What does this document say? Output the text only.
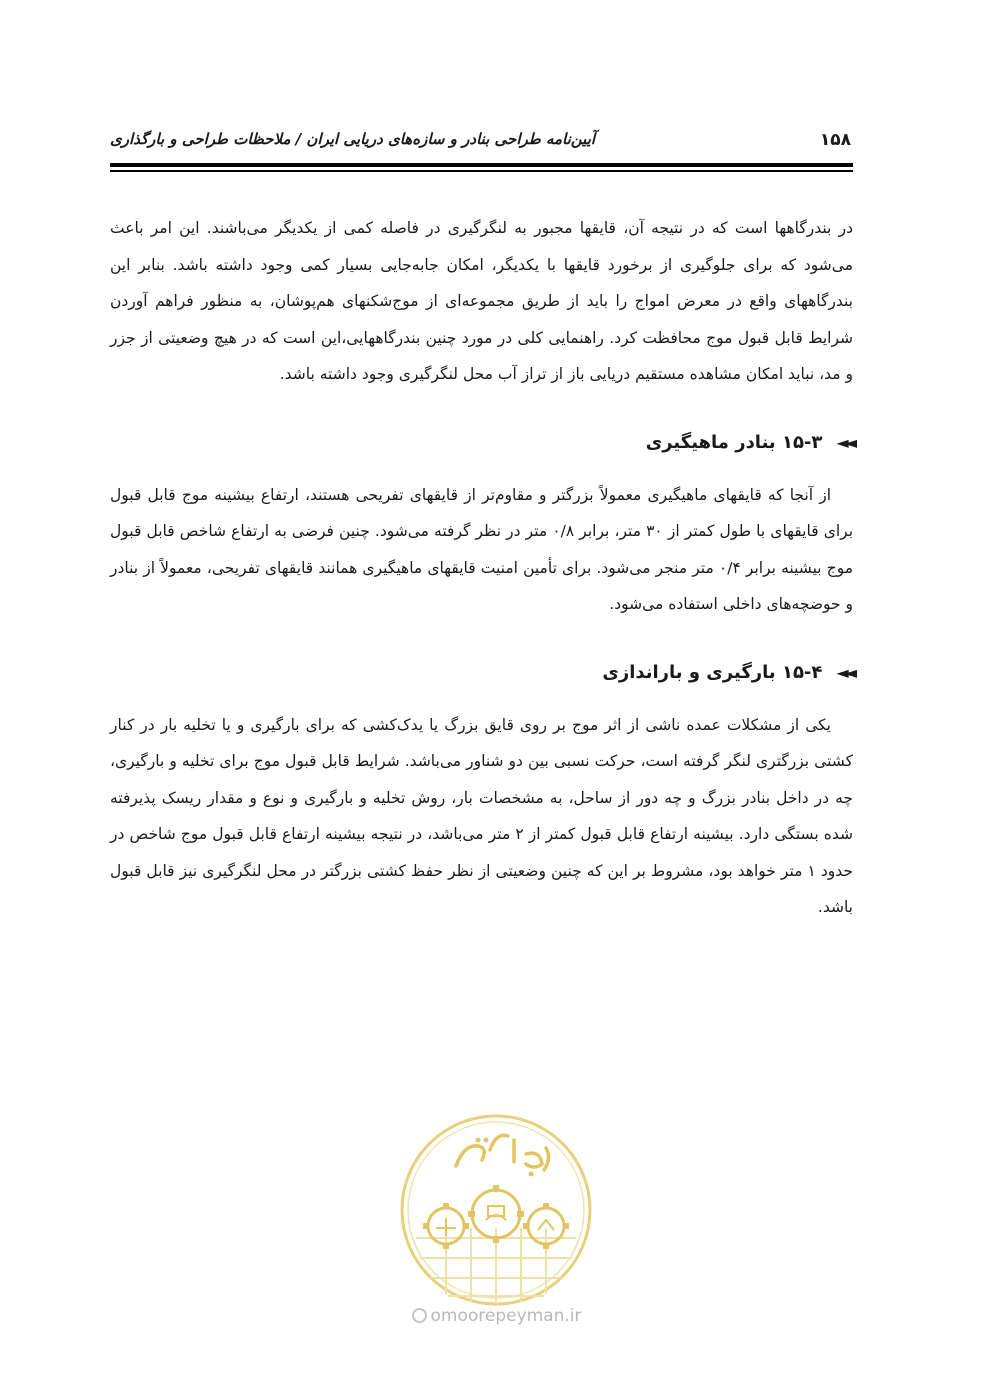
۱۵۸
آیین‌نامه طراحی بنادر و سازه‌های دریایی ایران / ملاحظات طراحی و بارگذاری

در بندرگاهها است که در نتیجه آن، قایقها مجبور به لنگرگیری در فاصله کمی از یکدیگر می‌باشند. این امر باعث می‌شود که برای جلوگیری از برخورد قایقها با یکدیگر، امکان جابه‌جایی بسیار کمی وجود داشته باشد. بنابر این بندرگاههای واقع در معرض امواج را باید از طریق مجموعه‌ای از موج‌شکنهای هم‌پوشان، به منظور فراهم آوردن شرایط قابل قبول موج محافظت کرد. راهنمایی کلی در مورد چنین بندرگاههایی،این است که در هیچ وضعیتی از جزر و مد، نباید امکان مشاهده مستقیم دریایی باز از تراز آب محل لنگرگیری وجود داشته باشد.

◄◄
۱۵-۳ بنادر ماهیگیری

از آنجا که قایقهای ماهیگیری معمولاً بزرگتر و مقاوم‌تر از قایقهای تفریحی هستند، ارتفاع بیشینه موج قابل قبول برای قایقهای با طول کمتر از ۳۰ متر، برابر ۰/۸ متر در نظر گرفته می‌شود. چنین فرضی به ارتفاع شاخص قابل قبول موج بیشینه برابر ۰/۴ متر منجر می‌شود. برای تأمین امنیت قایقهای ماهیگیری همانند قایقهای تفریحی، معمولاً از بنادر و حوضچه‌های داخلی استفاده می‌شود.

◄◄
۱۵-۴ بارگیری و باراندازی

یکی از مشکلات عمده ناشی از اثر موج بر روی قایق بزرگ یا یدک‌کشی که برای بارگیری و یا تخلیه بار در کنار کشتی بزرگتری لنگر گرفته است، حرکت نسبی بین دو شناور می‌باشد. شرایط قابل قبول موج برای تخلیه و بارگیری، چه در داخل بنادر بزرگ و چه دور از ساحل، به مشخصات بار، روش تخلیه و بارگیری و نوع و مقدار ریسک پذیرفته شده بستگی دارد. بیشینه ارتفاع قابل قبول کمتر از ۲ متر می‌باشد، در نتیجه بیشینه ارتفاع قابل قبول موج شاخص در حدود ۱ متر خواهد بود، مشروط بر این که چنین وضعیتی از نظر حفظ کشتی بزرگتر در محل لنگرگیری نیز قابل قبول باشد.

omoorepeyman.ir
